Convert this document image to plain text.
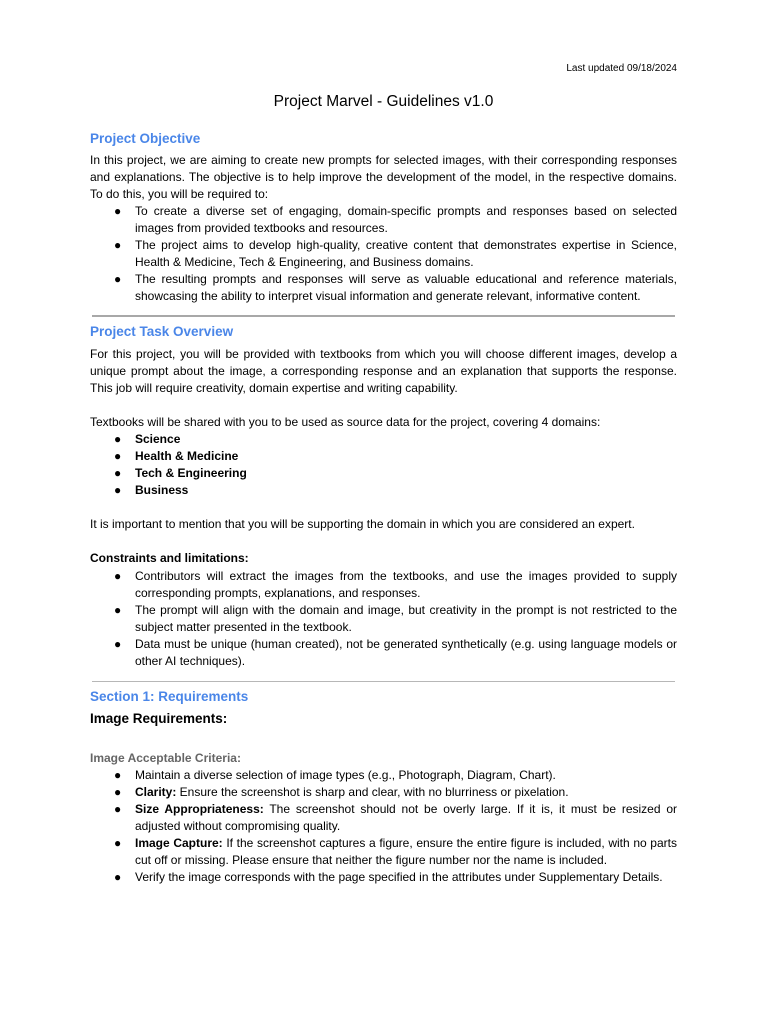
Last updated 09/18/2024
Project Marvel - Guidelines v1.0
Project Objective

In this project, we are aiming to create new prompts for selected images, with their corresponding responses and explanations. The objective is to help improve the development of the model, in the respective domains. To do this, you will be required to:

● To create a diverse set of engaging, domain-specific prompts and responses based on selected images from provided textbooks and resources.
● The project aims to develop high-quality, creative content that demonstrates expertise in Science, Health & Medicine, Tech & Engineering, and Business domains.
● The resulting prompts and responses will serve as valuable educational and reference materials, showcasing the ability to interpret visual information and generate relevant, informative content.
Project Task Overview

For this project, you will be provided with textbooks from which you will choose different images, develop a unique prompt about the image, a corresponding response and an explanation that supports the response. This job will require creativity, domain expertise and writing capability.

Textbooks will be shared with you to be used as source data for the project, covering 4 domains:

● Science
● Health & Medicine
● Tech & Engineering
● Business

It is important to mention that you will be supporting the domain in which you are considered an expert.

Constraints and limitations:

● Contributors will extract the images from the textbooks, and use the images provided to supply corresponding prompts, explanations, and responses.
● The prompt will align with the domain and image, but creativity in the prompt is not restricted to the subject matter presented in the textbook.
● Data must be unique (human created), not be generated synthetically (e.g. using language models or other AI techniques).
Section 1: Requirements
Image Requirements:
Image Acceptable Criteria:
● Maintain a diverse selection of image types (e.g., Photograph, Diagram, Chart).
● Clarity: Ensure the screenshot is sharp and clear, with no blurriness or pixelation.
● Size Appropriateness: The screenshot should not be overly large. If it is, it must be resized or adjusted without compromising quality.
● Image Capture: If the screenshot captures a figure, ensure the entire figure is included, with no parts cut off or missing. Please ensure that neither the figure number nor the name is included.
● Verify the image corresponds with the page specified in the attributes under Supplementary Details.
